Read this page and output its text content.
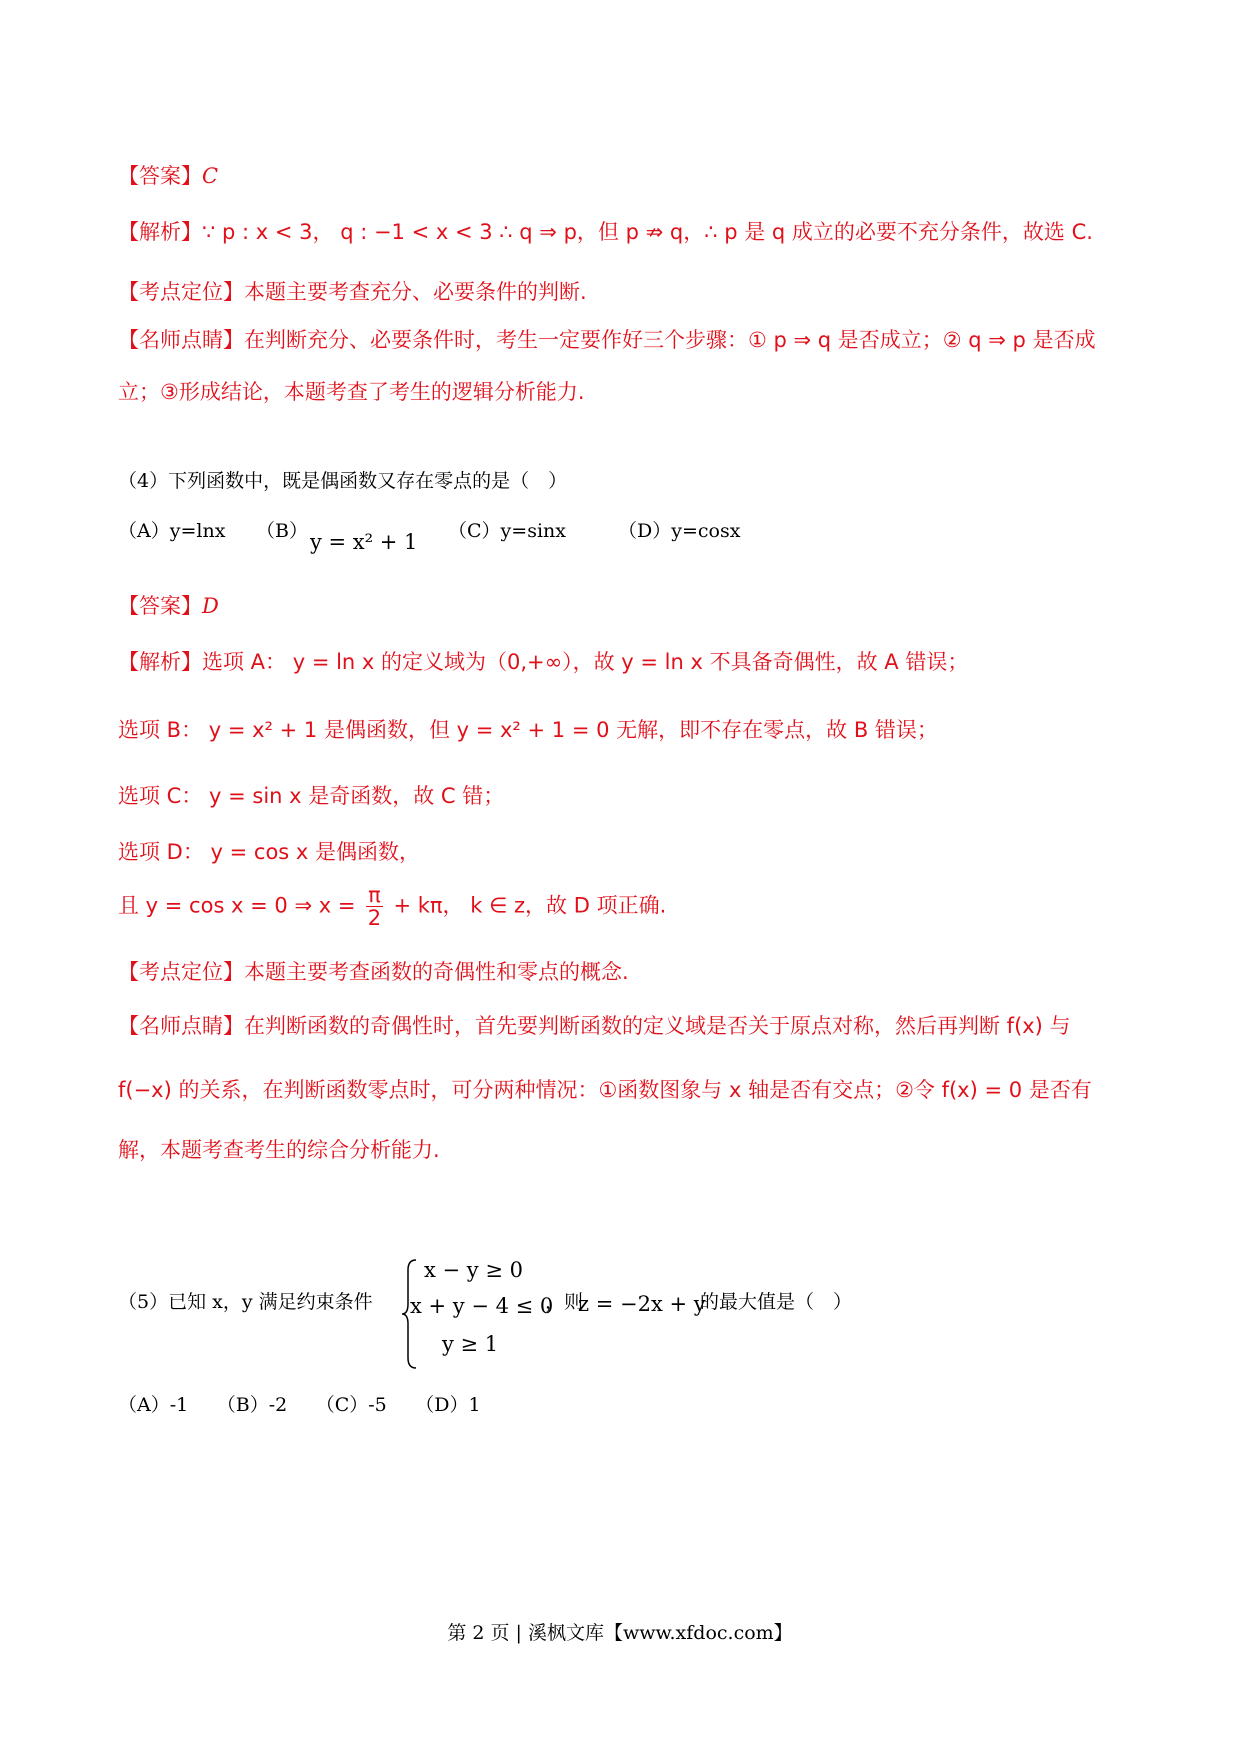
【答案】C
【解析】∵ p : x < 3， q : −1 < x < 3 ∴ q ⇒ p，但 p ⇏ q，∴ p 是 q 成立的必要不充分条件，故选 C.
【考点定位】本题主要考查充分、必要条件的判断.
【名师点睛】在判断充分、必要条件时，考生一定要作好三个步骤：① p ⇒ q 是否成立；② q ⇒ p 是否成
立；③形成结论，本题考查了考生的逻辑分析能力.
（4）下列函数中，既是偶函数又存在零点的是（　）
（A）y=lnx （B） y = x² + 1 （C）y=sinx	（D）y=cosx
【答案】D
【解析】选项 A： y = ln x 的定义域为（0,+∞），故 y = ln x 不具备奇偶性，故 A 错误；
选项 B： y = x² + 1 是偶函数，但 y = x² + 1 = 0 无解，即不存在零点，故 B 错误；
选项 C： y = sin x 是奇函数，故 C 错；
选项 D： y = cos x 是偶函数，
且 y = cos x = 0 ⇒ $x = \frac{\pi}{2} + k\pi$， k ∈ z，故 D 项正确.
【考点定位】本题主要考查函数的奇偶性和零点的概念.
【名师点睛】在判断函数的奇偶性时，首先要判断函数的定义域是否关于原点对称，然后再判断 f(x) 与
f(−x) 的关系，在判断函数零点时，可分两种情况：①函数图象与 x 轴是否有交点；②令 f(x) = 0 是否有
解，本题考查考生的综合分析能力.
（5）已知 x，y 满足约束条件
x − y ≥ 0
x + y − 4 ≤ 0
y ≥ 1
，则
z = −2x + y
的最大值是（　）
（A）-1　　（B）-2　　（C）-5　　（D）1
第 2 页 | 溪枫文库【www.xfdoc.com】
